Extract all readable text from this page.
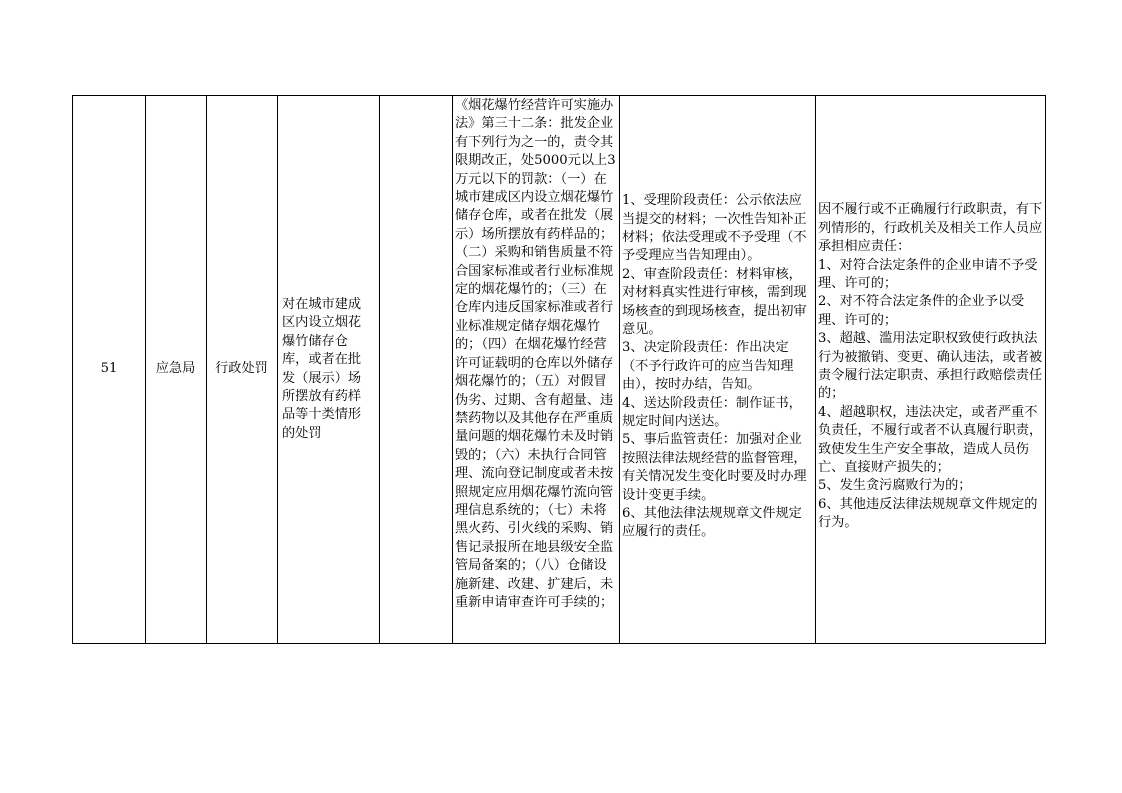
51	应急局 行政处罚
对在城市建成区内设立烟花爆竹储存仓库，或者在批发（展示）场所摆放有药样品等十类情形的处罚
《烟花爆竹经营许可实施办法》第三十二条：批发企业有下列行为之一的，责令其限期改正，处5000元以上3万元以下的罚款：（一）在城市建成区内设立烟花爆竹储存仓库，或者在批发（展示）场所摆放有药样品的；（二）采购和销售质量不符合国家标准或者行业标准规定的烟花爆竹的；（三）在仓库内违反国家标准或者行业标准规定储存烟花爆竹的；（四）在烟花爆竹经营许可证载明的仓库以外储存烟花爆竹的；（五）对假冒伪劣、过期、含有超量、违禁药物以及其他存在严重质量问题的烟花爆竹未及时销毁的；（六）未执行合同管理、流向登记制度或者未按照规定应用烟花爆竹流向管理信息系统的；（七）未将黑火药、引火线的采购、销售记录报所在地县级安全监管局备案的；（八）仓储设施新建、改建、扩建后，未重新申请审查许可手续的；
1、受理阶段责任：公示依法应当提交的材料；一次性告知补正材料；依法受理或不予受理（不予受理应当告知理由）。
2、审查阶段责任：材料审核，对材料真实性进行审核，需到现场核查的到现场核查，提出初审意见。
3、决定阶段责任：作出决定（不予行政许可的应当告知理由），按时办结，告知。
4、送达阶段责任：制作证书，规定时间内送达。
5、事后监管责任：加强对企业按照法律法规经营的监督管理，有关情况发生变化时要及时办理设计变更手续。
6、其他法律法规规章文件规定应履行的责任。
因不履行或不正确履行行政职责，有下列情形的，行政机关及相关工作人员应承担相应责任：
1、对符合法定条件的企业申请不予受理、许可的；
2、对不符合法定条件的企业予以受理、许可的；
3、超越、滥用法定职权致使行政执法行为被撤销、变更、确认违法，或者被责令履行法定职责、承担行政赔偿责任的；
4、超越职权，违法决定，或者严重不负责任，不履行或者不认真履行职责，致使发生生产安全事故，造成人员伤亡、直接财产损失的；
5、发生贪污腐败行为的；
6、其他违反法律法规规章文件规定的行为。
